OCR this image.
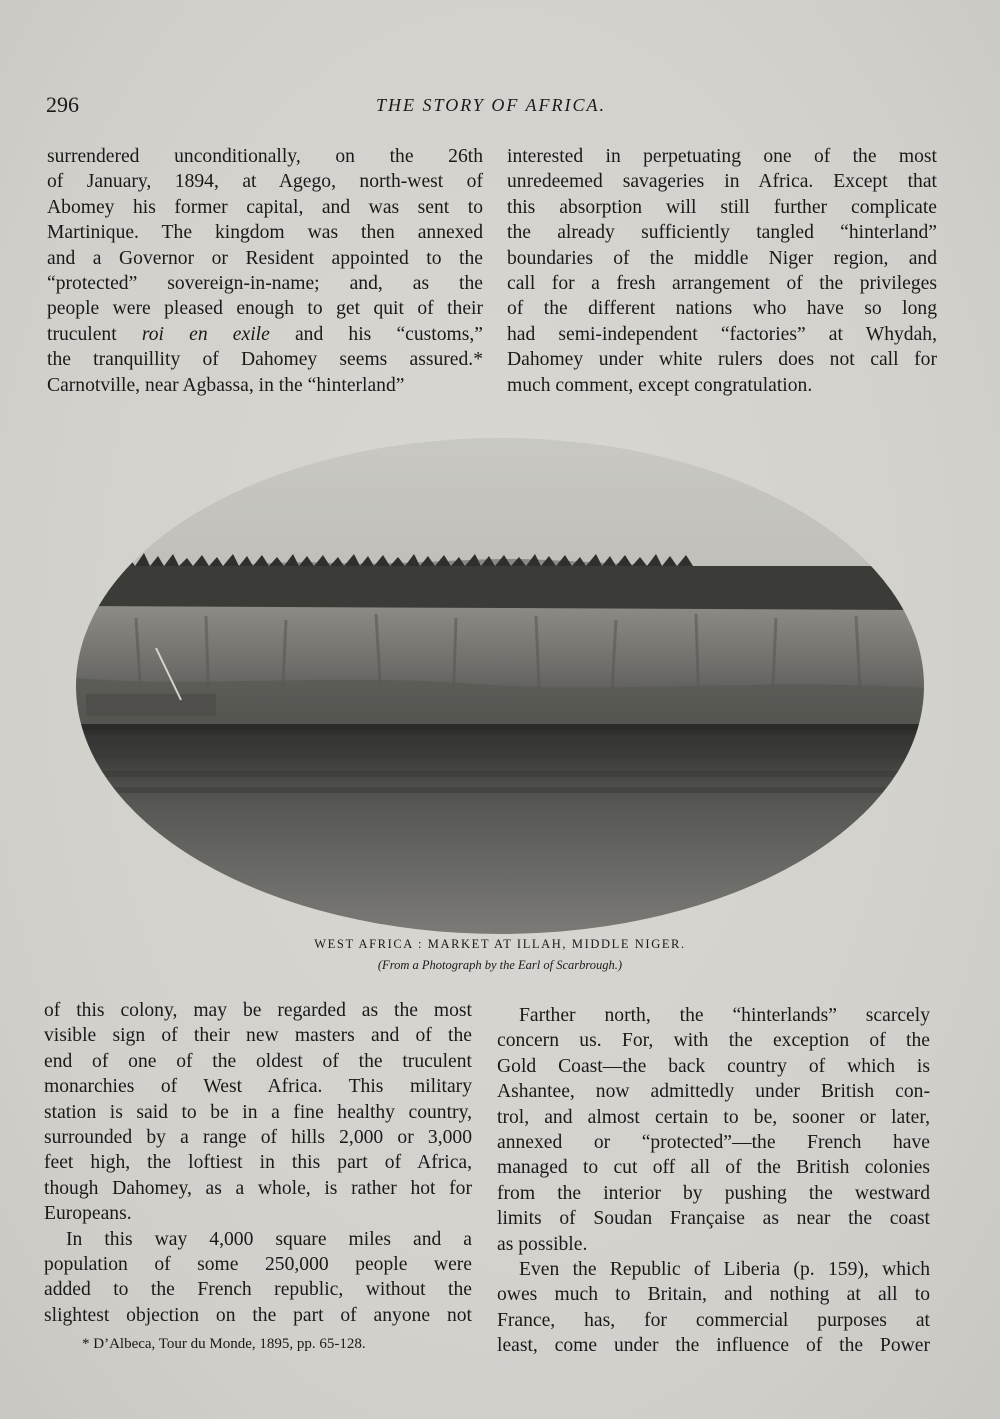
296	THE STORY OF AFRICA.
surrendered unconditionally, on the 26th
of January, 1894, at Agego, north-west of
Abomey his former capital, and was sent to
Martinique. The kingdom was then annexed
and a Governor or Resident appointed to the
“protected” sovereign-in-name; and, as the
people were pleased enough to get quit of their
truculent roi en exile and his “customs,”
the tranquillity of Dahomey seems assured.*
Carnotville, near Agbassa, in the “hinterland”
interested in perpetuating one of the most
unredeemed savageries in Africa. Except that
this absorption will still further complicate
the already sufficiently tangled “hinterland”
boundaries of the middle Niger region, and
call for a fresh arrangement of the privileges
of the different nations who have so long
had semi-independent “factories” at Whydah,
Dahomey under white rulers does not call for
much comment, except congratulation.
WEST AFRICA : MARKET AT ILLAH, MIDDLE NIGER.
(From a Photograph by the Earl of Scarbrough.)
of this colony, may be regarded as the most
visible sign of their new masters and of the
end of one of the oldest of the truculent
monarchies of West Africa. This military
station is said to be in a fine healthy country,
surrounded by a range of hills 2,000 or 3,000
feet high, the loftiest in this part of Africa,
though Dahomey, as a whole, is rather hot for
Europeans.
In this way 4,000 square miles and a
population of some 250,000 people were
added to the French republic, without the
slightest objection on the part of anyone not
* D’Albeca, Tour du Monde, 1895, pp. 65-128.
Farther north, the “hinterlands” scarcely
concern us. For, with the exception of the
Gold Coast—the back country of which is
Ashantee, now admittedly under British con-
trol, and almost certain to be, sooner or later,
annexed or “protected”—the French have
managed to cut off all of the British colonies
from the interior by pushing the westward
limits of Soudan Française as near the coast
as possible.
Even the Republic of Liberia (p. 159), which
owes much to Britain, and nothing at all to
France, has, for commercial purposes at
least, come under the influence of the Power
